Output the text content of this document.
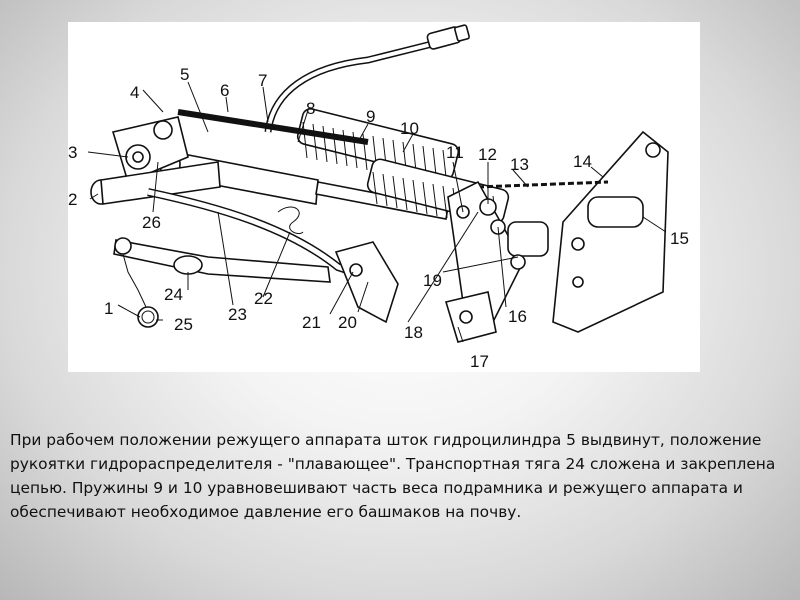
1
2
3
4
5
6
7
8	9
10
11 12
13	14
15
16
17
18
19
20
21
22
23
24
25
26
При рабочем положении режущего аппарата шток гидроцилиндра 5 выдвинут, положение рукоятки гидрораспределителя - "плавающее". Транспортная тяга 24 сложена и закреплена цепью. Пружины 9 и 10 уравновешивают часть веса подрамника и режущего аппарата и обеспечивают необходимое давление его башмаков на почву.
